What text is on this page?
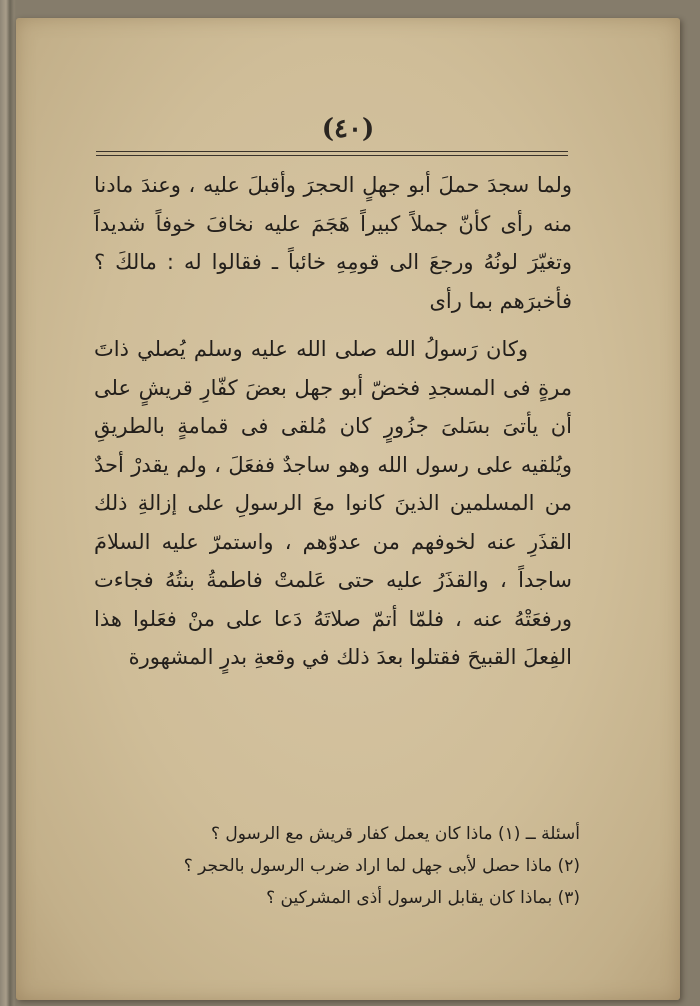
(٤٠)

ولما سجدَ حملَ أبو جهلٍ الحجرَ وأقبلَ عليه ، وعندَ مادنا منه رأى كأنّ جملاً كبيراً هَجَمَ عليه نخافَ خوفاً شديداً وتغيّرَ لونُهُ ورجعَ الى قومِهِ خائباً ـ فقالوا له : مالكَ ؟ فأخبرَهم بما رأى

وكان رَسولُ الله صلى الله عليه وسلم يُصلي ذاتَ مرةٍ فى المسجدِ فخضّ أبو جهل بعضَ كفّارِ قريشٍ على أن يأتىَ بسَلىَ جزُورٍ كان مُلقى فى قمامةٍ بالطريقِ ويُلقيه على رسول الله وهو ساجدٌ ففعَلَ ، ولم يقدرْ أحدٌ من المسلمين الذينَ كانوا معَ الرسولِ على إزالةِ ذلك القذَرِ عنه لخوفهم من عدوّهم ، واستمرّ عليه السلامَ ساجداً ، والقذَرُ عليه حتى عَلمتْ فاطمةُ بنتُهُ فجاءت ورفعَتْهُ عنه ، فلمّا أتمّ صلاتَهُ دَعا على منْ فعَلوا هذا الفِعلَ القبيحَ فقتلوا بعدَ ذلك في وقعةِ بدرٍ المشهورة

أسئلة ــ (١) ماذا كان يعمل كفار قريش مع الرسول ؟
(٢) ماذا حصل لأبى جهل لما اراد ضرب الرسول بالحجر ؟
(٣) بماذا كان يقابل الرسول أذى المشركين ؟
